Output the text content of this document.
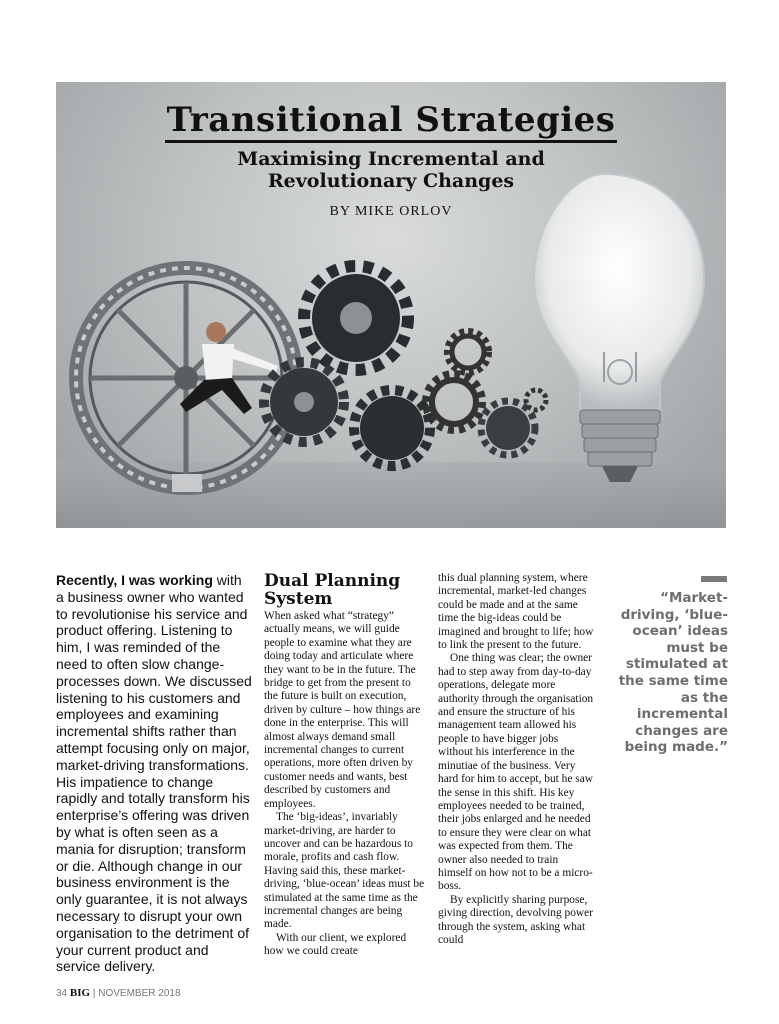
Transitional Strategies
Maximising Incremental and
Revolutionary Changes
BY MIKE ORLOV
Recently, I was working with a business owner who wanted to revolutionise his service and product offering. Listening to him, I was reminded of the need to often slow change-processes down. We discussed listening to his customers and employees and examining incremental shifts rather than attempt focusing only on major, market-driving transformations. His impatience to change rapidly and totally transform his enterprise’s offering was driven by what is often seen as a mania for disruption; transform or die. Although change in our business environment is the only guarantee, it is not always necessary to disrupt your own organisation to the detriment of your current product and service delivery.
Dual Planning System

When asked what “strategy” actually means, we will guide people to examine what they are doing today and articulate where they want to be in the future. The bridge to get from the present to the future is built on execution, driven by culture – how things are done in the enterprise. This will almost always demand small incremental changes to current operations, more often driven by customer needs and wants, best described by customers and employees.

The ‘big-ideas’, invariably market-driving, are harder to uncover and can be hazardous to morale, profits and cash flow. Having said this, these market-driving, ‘blue-ocean’ ideas must be stimulated at the same time as the incremental changes are being made.

With our client, we explored how we could create

this dual planning system, where incremental, market-led changes could be made and at the same time the big-ideas could be imagined and brought to life; how to link the present to the future.

One thing was clear; the owner had to step away from day-to-day operations, delegate more authority through the organisation and ensure the structure of his management team allowed his people to have bigger jobs without his interference in the minutiae of the business. Very hard for him to accept, but he saw the sense in this shift. His key employees needed to be trained, their jobs enlarged and he needed to ensure they were clear on what was expected from them. The owner also needed to train himself on how not to be a micro-boss.

By explicitly sharing purpose, giving direction, devolving power through the system, asking what could

“Market-driving, ‘blue-ocean’ ideas must be stimulated at the same time as the incremental changes are being made.”
34 BIG | NOVEMBER 2018
